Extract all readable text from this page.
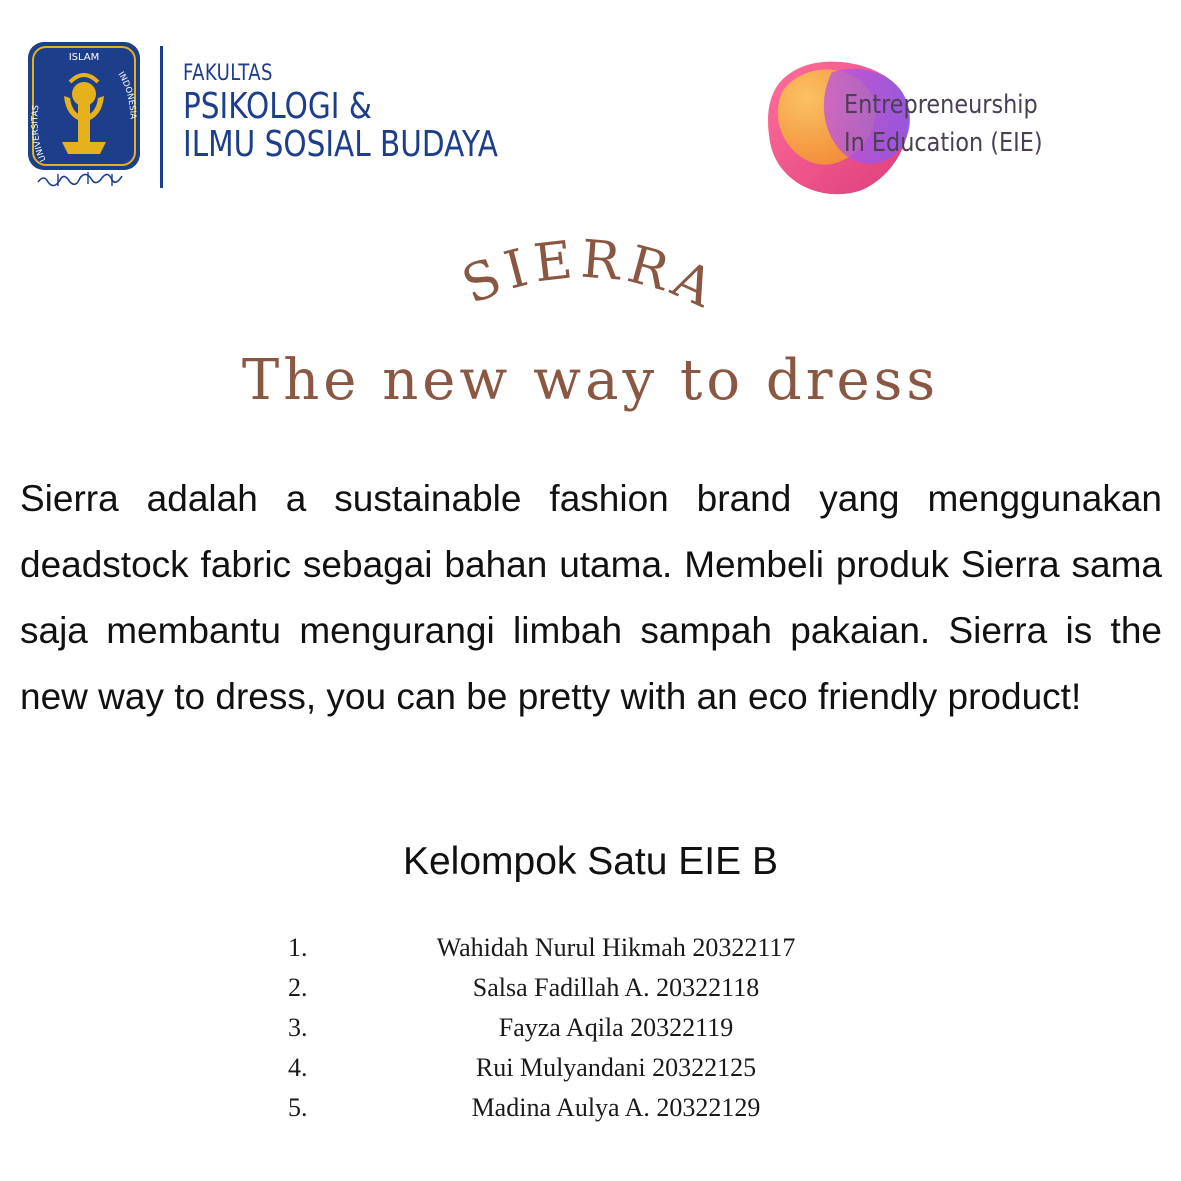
ISLAM
UNIVERSITAS
INDONESIA
FAKULTAS
PSIKOLOGI &
ILMU SOSIAL BUDAYA
Entrepreneurship
In Education (EIE)
SIERRA
The new way to dress

Sierra adalah a sustainable fashion brand yang menggunakan deadstock fabric sebagai bahan utama. Membeli produk Sierra sama saja membantu mengurangi limbah sampah pakaian. Sierra is the new way to dress, you can be pretty with an eco friendly product!

Kelompok Satu EIE B
1.	Wahidah Nurul Hikmah 20322117
2.	Salsa Fadillah A. 20322118
3.	Fayza Aqila 20322119
4.	Rui Mulyandani 20322125
5.	Madina Aulya A. 20322129
